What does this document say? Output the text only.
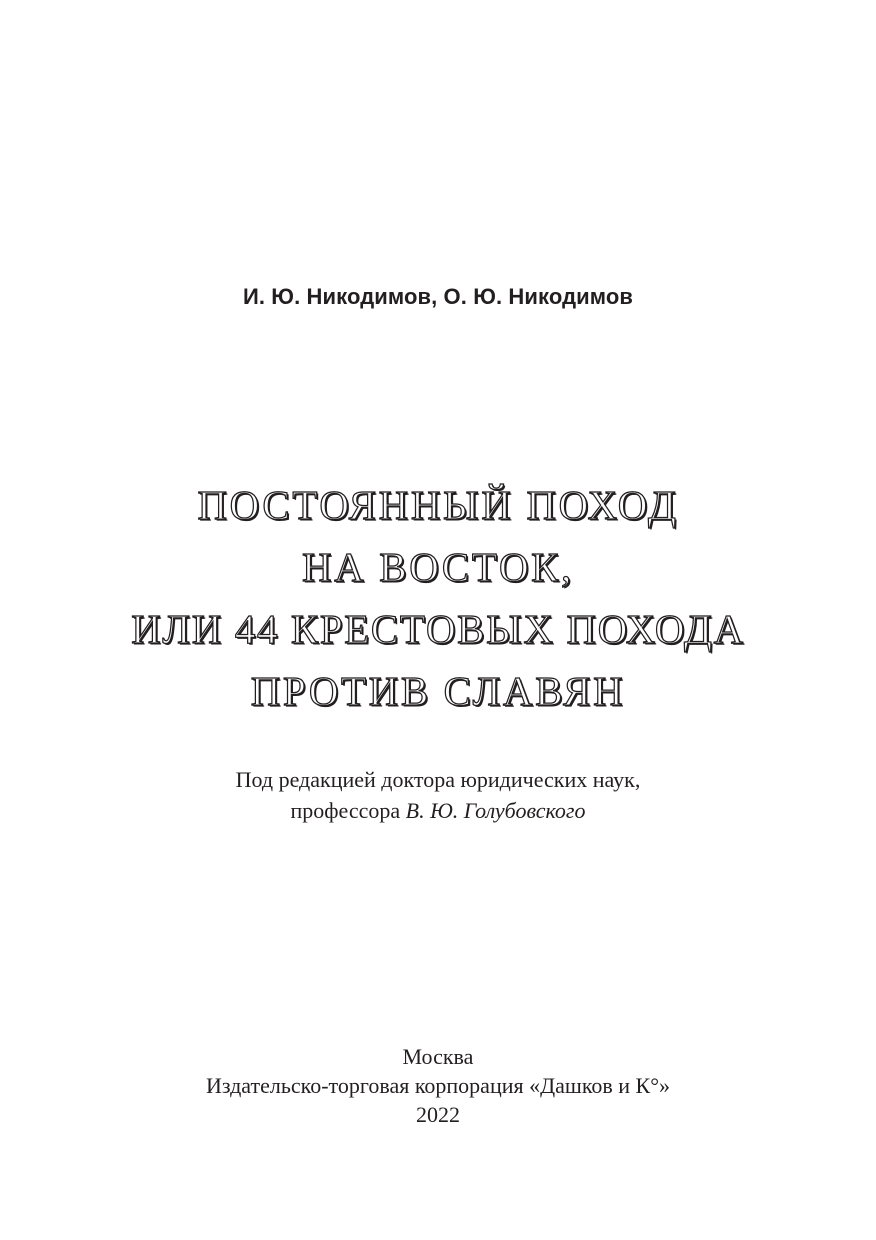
И. Ю. Никодимов, О. Ю. Никодимов

ПОСТОЯННЫЙ ПОХОД
НА ВОСТОК,
ИЛИ 44 КРЕСТОВЫХ ПОХОДА
ПРОТИВ СЛАВЯН
Под редакцией доктора юридических наук,
профессора В. Ю. Голубовского
Москва
Издательско-торговая корпорация «Дашков и К°»
2022
